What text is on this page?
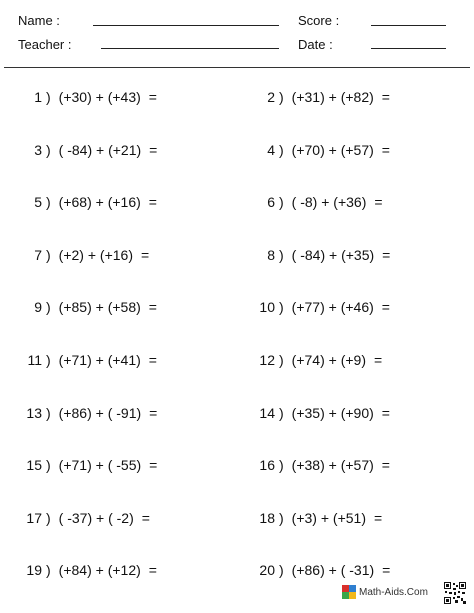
Name :
Teacher :
Score :
Date :
1 ) (+30) + (+43) =	2 ) (+31) + (+82) =
3 ) ( -84) + (+21) =	4 ) (+70) + (+57) =
5 ) (+68) + (+16) =	6 ) ( -8) + (+36) =
7 ) (+2) + (+16) =	8 ) ( -84) + (+35) =
9 ) (+85) + (+58) =	10 ) (+77) + (+46) =
11 ) (+71) + (+41) =	12 ) (+74) + (+9) =
13 ) (+86) + ( -91) =	14 ) (+35) + (+90) =
15 ) (+71) + ( -55) =	16 ) (+38) + (+57) =
17 ) ( -37) + ( -2) =	18 ) (+3) + (+51) =
19 ) (+84) + (+12) =	20 ) (+86) + ( -31) =
Math-Aids.Com
